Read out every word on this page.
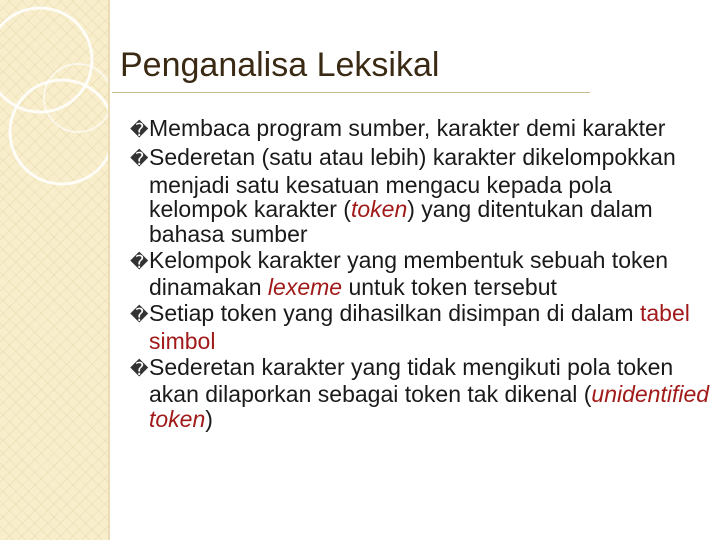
Penganalisa Leksikal
�Membaca program sumber, karakter demi karakter
�Sederetan (satu atau lebih) karakter dikelompokkan menjadi satu kesatuan mengacu kepada pola kelompok karakter (token) yang ditentukan dalam bahasa sumber
�Kelompok karakter yang membentuk sebuah token dinamakan lexeme untuk token tersebut
�Setiap token yang dihasilkan disimpan di dalam tabel simbol
�Sederetan karakter yang tidak mengikuti pola token akan dilaporkan sebagai token tak dikenal (unidentified token)
